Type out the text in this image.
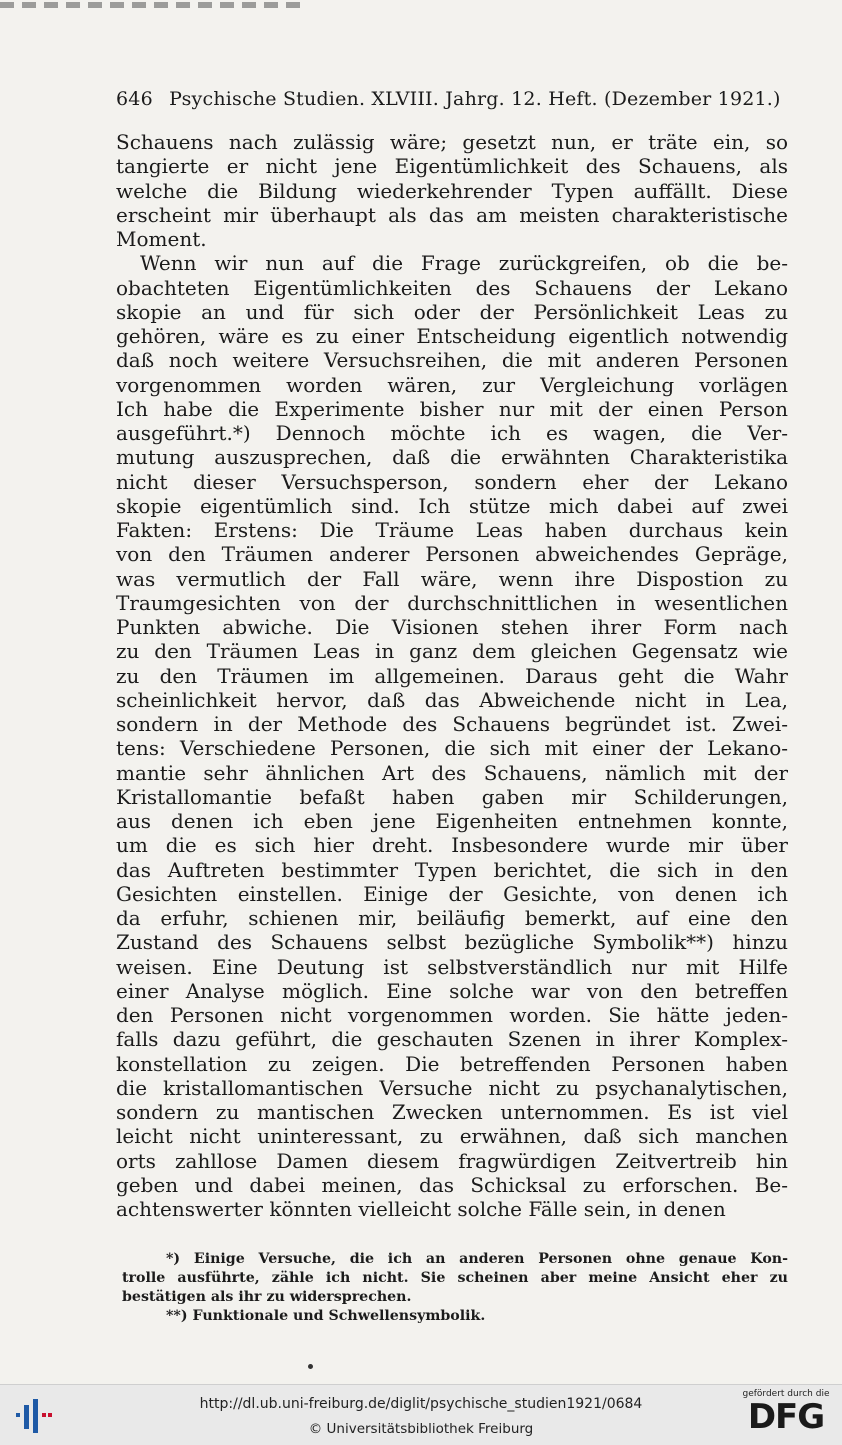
646 Psychische Studien. XLVIII. Jahrg. 12. Heft. (Dezember 1921.)
Schauens nach zulässig wäre; gesetzt nun, er träte ein, so
tangierte er nicht jene Eigentümlichkeit des Schauens, als
welche die Bildung wiederkehrender Typen auffällt. Diese
erscheint mir überhaupt als das am meisten charakteristische
Moment.
Wenn wir nun auf die Frage zurückgreifen, ob die be-
obachteten Eigentümlichkeiten des Schauens der Lekano
skopie an und für sich oder der Persönlichkeit Leas zu
gehören, wäre es zu einer Entscheidung eigentlich notwendig
daß noch weitere Versuchsreihen, die mit anderen Personen
vorgenommen worden wären, zur Vergleichung vorlägen
Ich habe die Experimente bisher nur mit der einen Person
ausgeführt.*) Dennoch möchte ich es wagen, die Ver-
mutung auszusprechen, daß die erwähnten Charakteristika
nicht dieser Versuchsperson, sondern eher der Lekano
skopie eigentümlich sind. Ich stütze mich dabei auf zwei
Fakten: Erstens: Die Träume Leas haben durchaus kein
von den Träumen anderer Personen abweichendes Gepräge,
was vermutlich der Fall wäre, wenn ihre Dispostion zu
Traumgesichten von der durchschnittlichen in wesentlichen
Punkten abwiche. Die Visionen stehen ihrer Form nach
zu den Träumen Leas in ganz dem gleichen Gegensatz wie
zu den Träumen im allgemeinen. Daraus geht die Wahr
scheinlichkeit hervor, daß das Abweichende nicht in Lea,
sondern in der Methode des Schauens begründet ist. Zwei-
tens: Verschiedene Personen, die sich mit einer der Lekano-
mantie sehr ähnlichen Art des Schauens, nämlich mit der
Kristallomantie befaßt haben gaben mir Schilderungen,
aus denen ich eben jene Eigenheiten entnehmen konnte,
um die es sich hier dreht. Insbesondere wurde mir über
das Auftreten bestimmter Typen berichtet, die sich in den
Gesichten einstellen. Einige der Gesichte, von denen ich
da erfuhr, schienen mir, beiläufig bemerkt, auf eine den
Zustand des Schauens selbst bezügliche Symbolik**) hinzu
weisen. Eine Deutung ist selbstverständlich nur mit Hilfe
einer Analyse möglich. Eine solche war von den betreffen
den Personen nicht vorgenommen worden. Sie hätte jeden-
falls dazu geführt, die geschauten Szenen in ihrer Komplex-
konstellation zu zeigen. Die betreffenden Personen haben
die kristallomantischen Versuche nicht zu psychanalytischen,
sondern zu mantischen Zwecken unternommen. Es ist viel
leicht nicht uninteressant, zu erwähnen, daß sich manchen
orts zahllose Damen diesem fragwürdigen Zeitvertreib hin
geben und dabei meinen, das Schicksal zu erforschen. Be-
achtenswerter könnten vielleicht solche Fälle sein, in denen
*) Einige Versuche, die ich an anderen Personen ohne genaue Kon-
trolle ausführte, zähle ich nicht. Sie scheinen aber meine Ansicht eher zu
bestätigen als ihr zu widersprechen.
**) Funktionale und Schwellensymbolik.
http://dl.ub.uni-freiburg.de/diglit/psychische_studien1921/0684
© Universitätsbibliothek Freiburg
gefördert durch die
DFG
